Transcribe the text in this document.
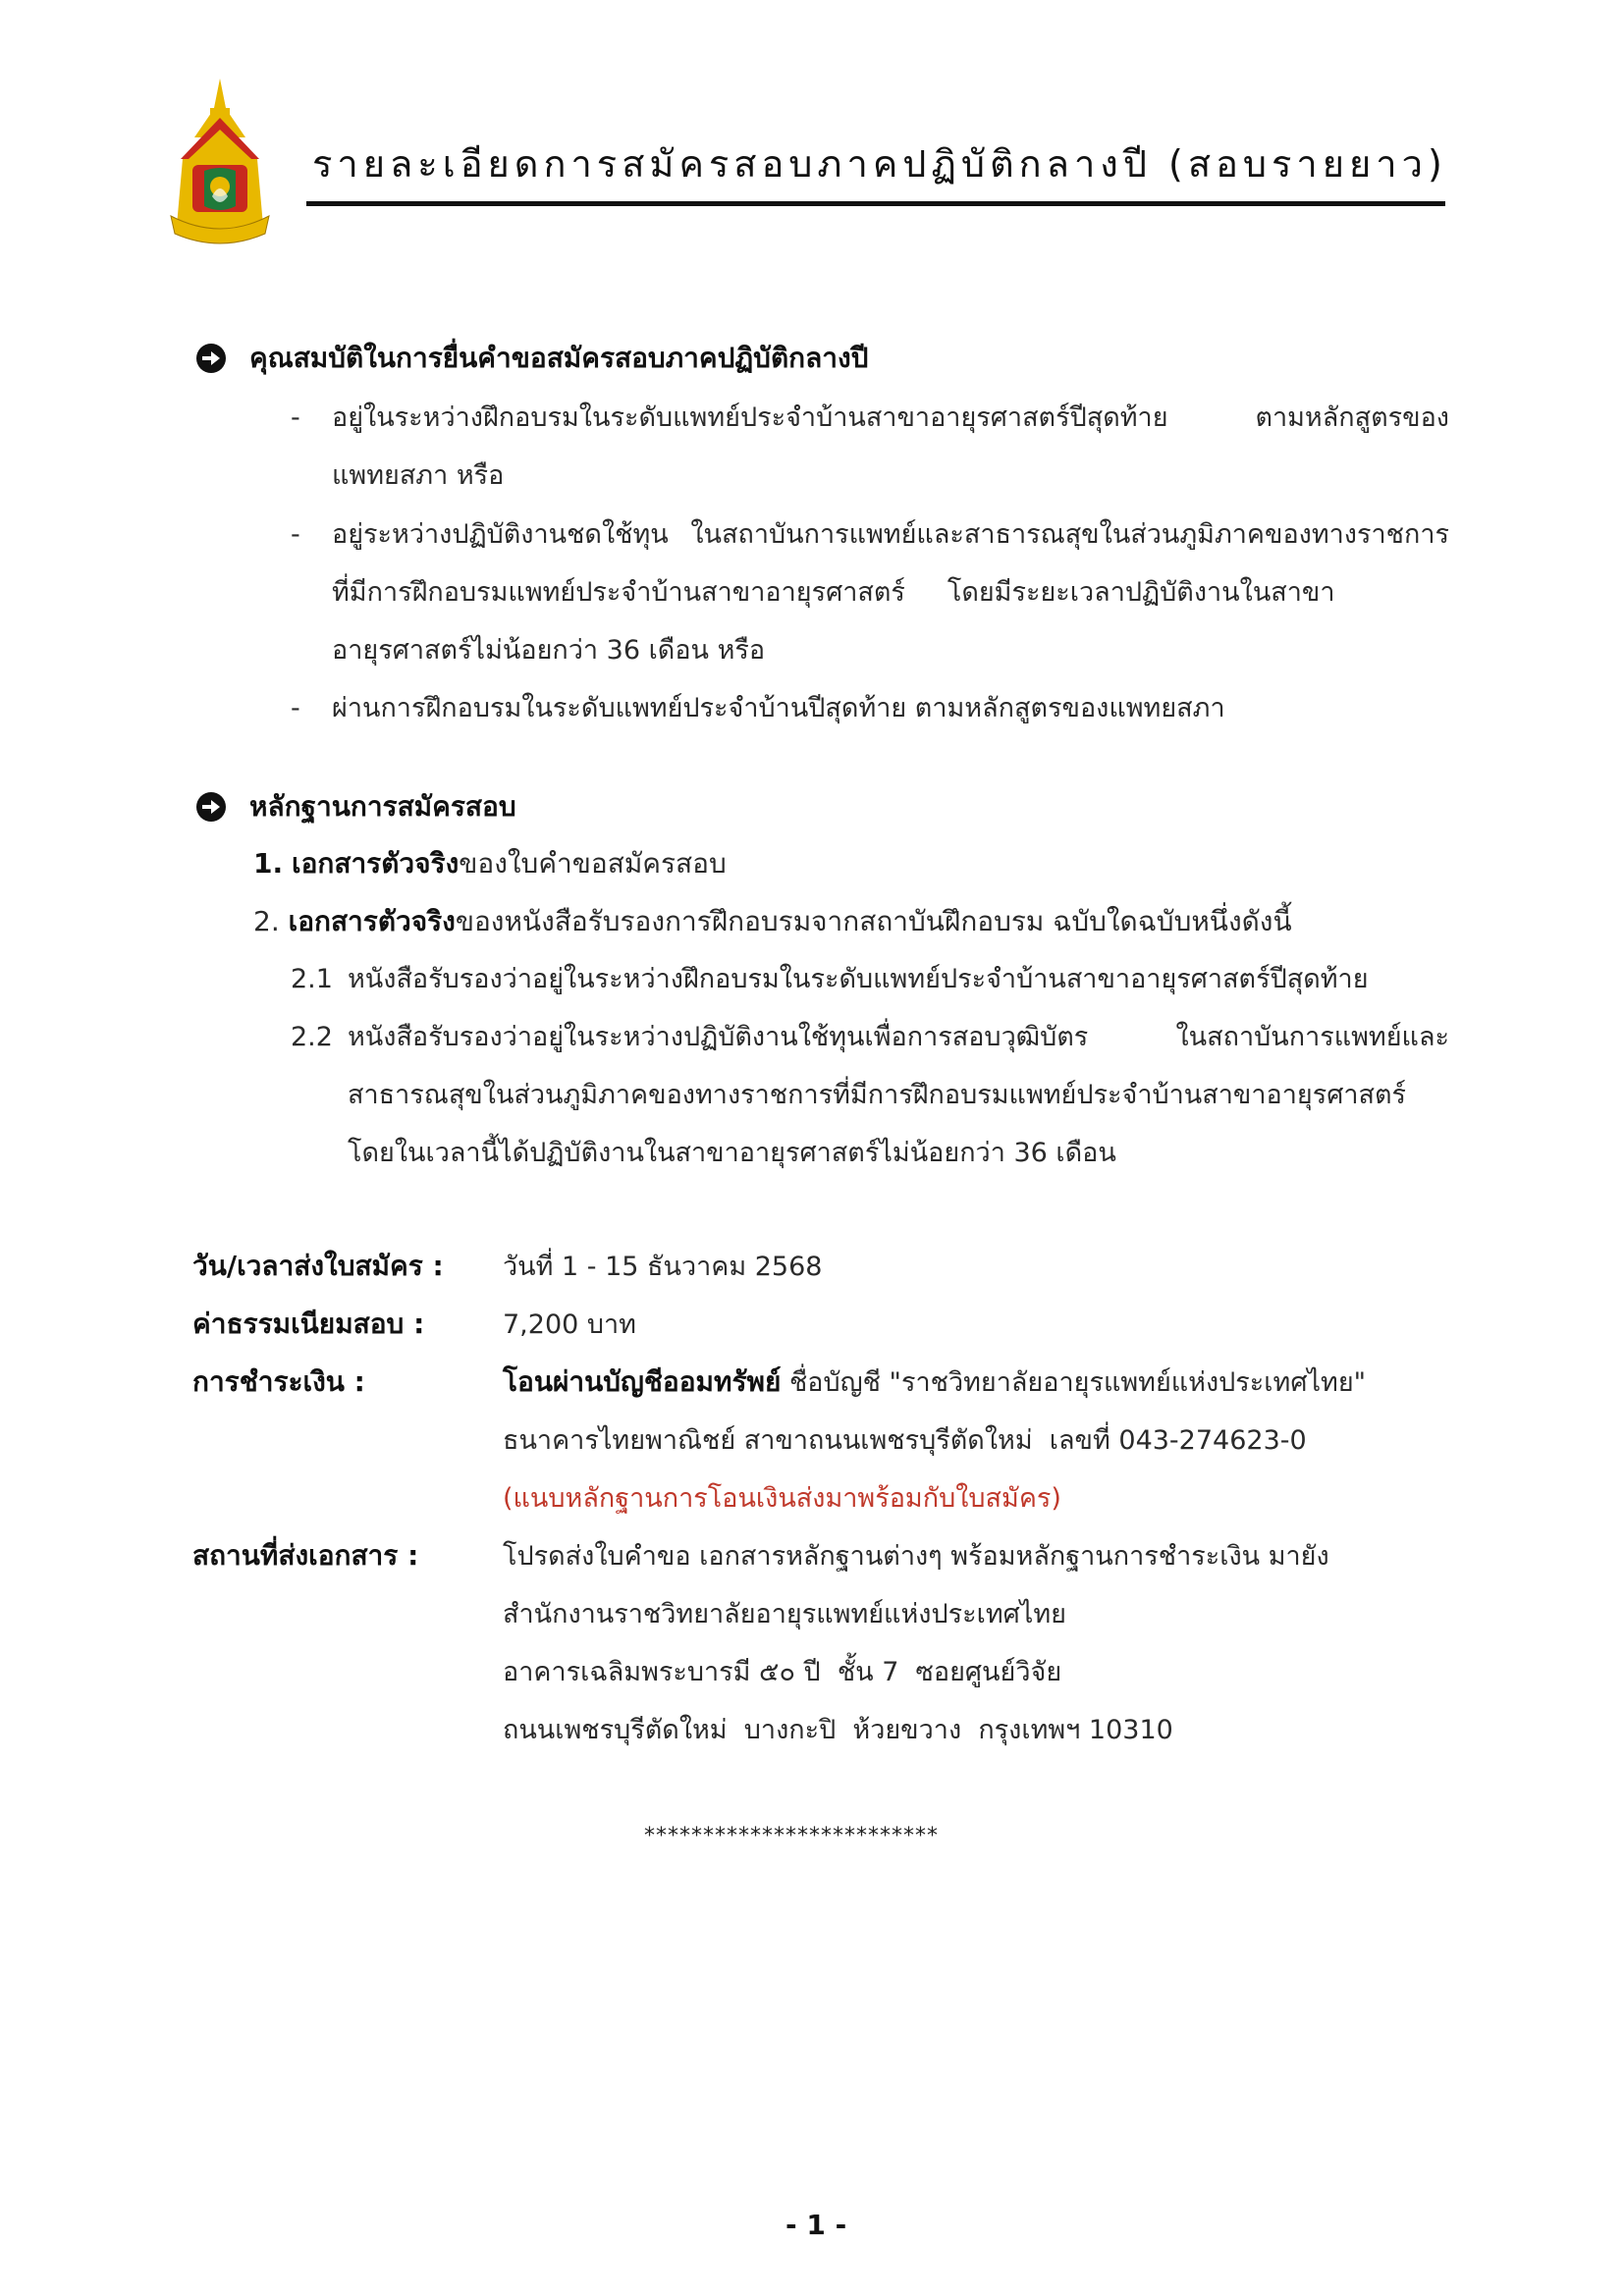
รายละเอียดการสมัครสอบภาคปฏิบัติกลางปี (สอบรายยาว)
คุณสมบัติในการยื่นคำขอสมัครสอบภาคปฏิบัติกลางปี
- อยู่ในระหว่างฝึกอบรมในระดับแพทย์ประจำบ้านสาขาอายุรศาสตร์ปีสุดท้าย ตามหลักสูตรของ
แพทยสภา หรือ
- อยู่ระหว่างปฏิบัติงานชดใช้ทุน ในสถาบันการแพทย์และสาธารณสุขในส่วนภูมิภาคของทางราชการ
ที่มีการฝึกอบรมแพทย์ประจำบ้านสาขาอายุรศาสตร์     โดยมีระยะเวลาปฏิบัติงานในสาขา
อายุรศาสตร์ไม่น้อยกว่า 36 เดือน หรือ
- ผ่านการฝึกอบรมในระดับแพทย์ประจำบ้านปีสุดท้าย ตามหลักสูตรของแพทยสภา
หลักฐานการสมัครสอบ
1. เอกสารตัวจริงของใบคำขอสมัครสอบ
2. เอกสารตัวจริงของหนังสือรับรองการฝึกอบรมจากสถาบันฝึกอบรม ฉบับใดฉบับหนึ่งดังนี้
2.1 หนังสือรับรองว่าอยู่ในระหว่างฝึกอบรมในระดับแพทย์ประจำบ้านสาขาอายุรศาสตร์ปีสุดท้าย
2.2 หนังสือรับรองว่าอยู่ในระหว่างปฏิบัติงานใช้ทุนเพื่อการสอบวุฒิบัตร ในสถาบันการแพทย์และ
สาธารณสุขในส่วนภูมิภาคของทางราชการที่มีการฝึกอบรมแพทย์ประจำบ้านสาขาอายุรศาสตร์
โดยในเวลานี้ได้ปฏิบัติงานในสาขาอายุรศาสตร์ไม่น้อยกว่า 36 เดือน
วัน/เวลาส่งใบสมัคร : วันที่ 1 - 15 ธันวาคม 2568
ค่าธรรมเนียมสอบ :	7,200 บาท
การชำระเงิน :	โอนผ่านบัญชีออมทรัพย์ ชื่อบัญชี "ราชวิทยาลัยอายุรแพทย์แห่งประเทศไทย"
ธนาคารไทยพาณิชย์ สาขาถนนเพชรบุรีตัดใหม่  เลขที่ 043-274623-0
(แนบหลักฐานการโอนเงินส่งมาพร้อมกับใบสมัคร)
สถานที่ส่งเอกสาร :	โปรดส่งใบคำขอ เอกสารหลักฐานต่างๆ พร้อมหลักฐานการชำระเงิน มายัง
สำนักงานราชวิทยาลัยอายุรแพทย์แห่งประเทศไทย
อาคารเฉลิมพระบารมี ๕๐ ปี  ชั้น 7  ซอยศูนย์วิจัย
ถนนเพชรบุรีตัดใหม่  บางกะปิ  ห้วยขวาง  กรุงเทพฯ 10310
*************************
- 1 -
